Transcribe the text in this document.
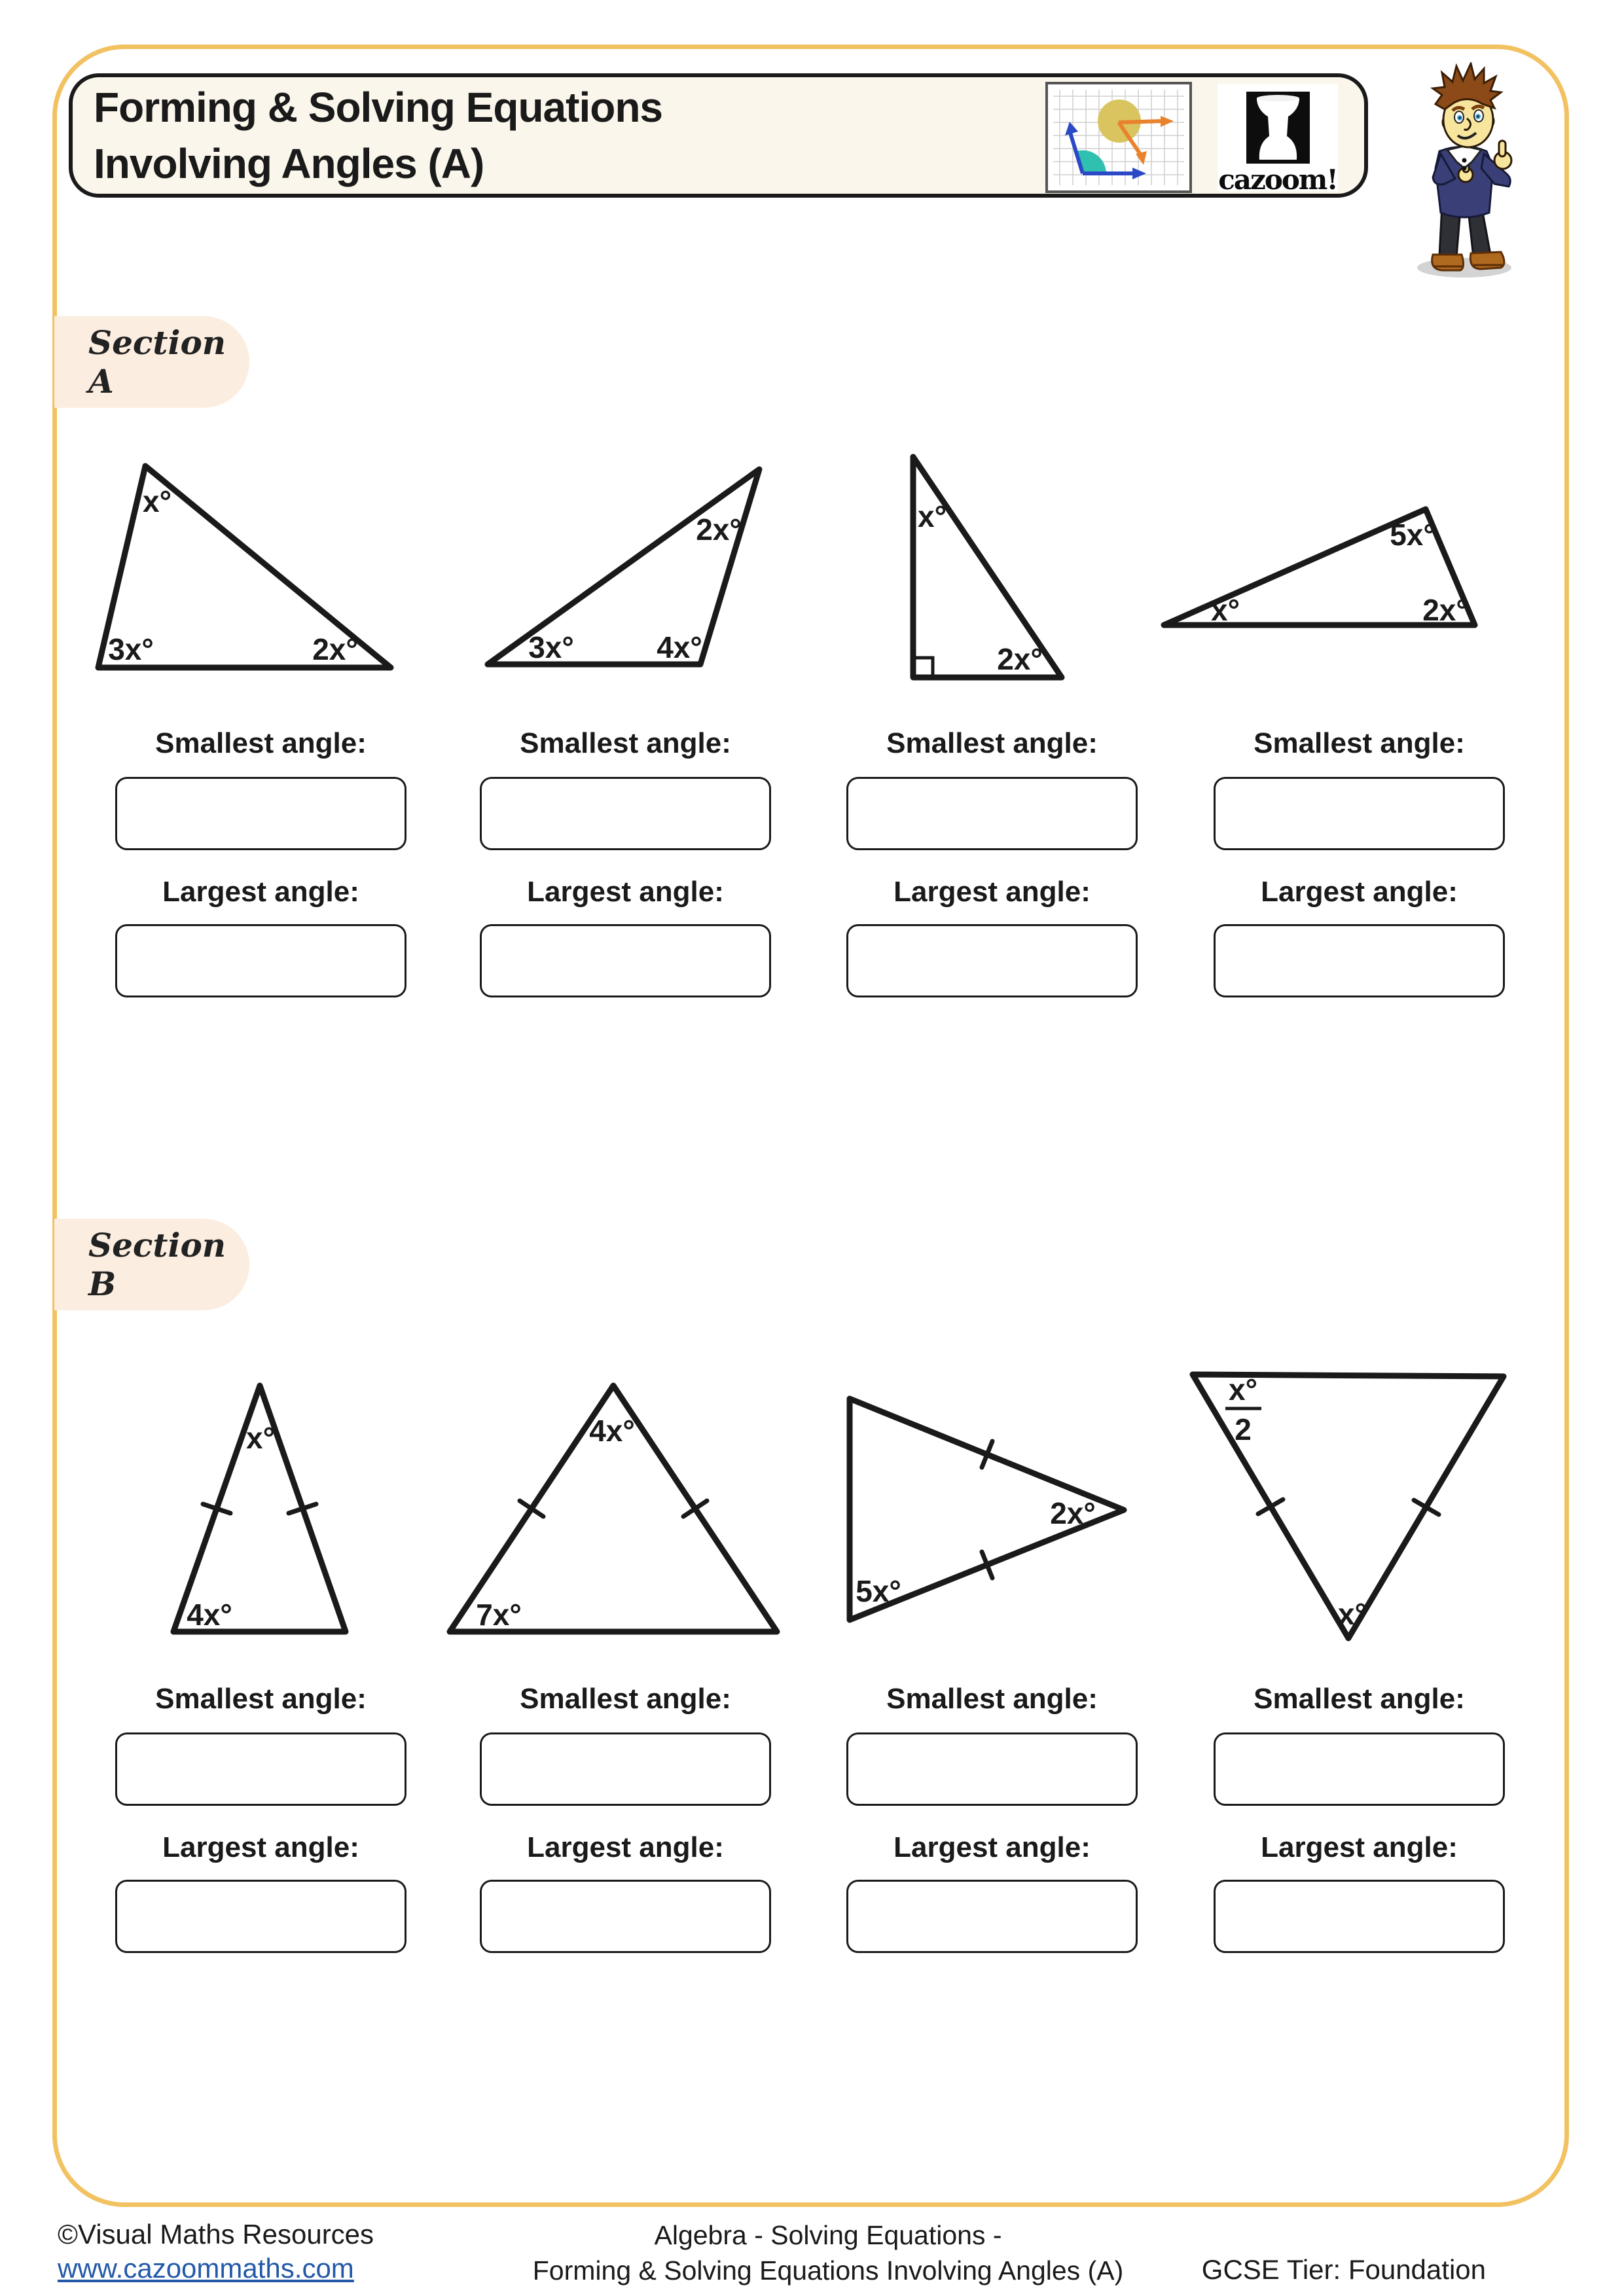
Forming & Solving Equations
Involving Angles (A)	cazoom!
Section A
Section B
x°
3x°	2x°
2x°
3x°	4x°
x°
2x°
x°
5x°
2x°
x°
4x°
4x°
7x°
5x°
2x°
x°
2
x°
Smallest angle:
Largest angle:
Smallest angle:
Largest angle:
Smallest angle:
Largest angle:
Smallest angle:
Largest angle:
Smallest angle:
Largest angle:
Smallest angle:
Largest angle:
Smallest angle:
Largest angle:
Smallest angle:
Largest angle:
©Visual Maths Resources
www.cazoommaths.com
Algebra - Solving Equations -
Forming & Solving Equations Involving Angles (A)	GCSE Tier: Foundation
